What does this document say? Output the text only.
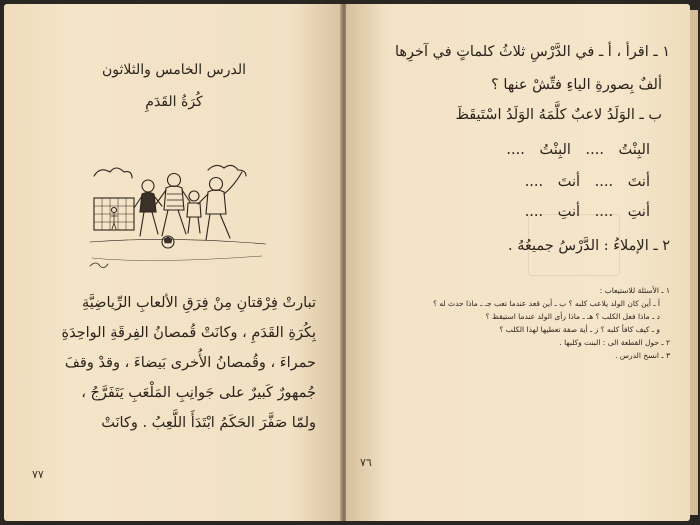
الدرس الخامس والثلاثون
كُرَةُ القَدَمِ
تبارتْ فِرْقتانِ مِنْ فِرَقِ الألعابِ الرِّياضِيَّةِ
بِكُرَةِ القَدَمِ ، وكانَتْ قُمصانُ الفِرقَةِ الواحِدَةِ
حمراءَ ، وقُمصانُ الأُخرى بَيضاءَ ، وقدْ وقفَ
جُمهورٌ كَبيرٌ على جَوانِبِ المَلْعَبِ يَتَفَرَّجُ ،
ولمّا صَفَّرَ الحَكَمُ ابْتَدَأَ اللَّعِبُ . وكانَتْ
٧٧
١ ـ اقرأ ، أ ـ في الدَّرْسِ ثلاثُ كلماتٍ في آخرِها
ألفٌ بِصورةِ الياءِ فتِّشْ عنها ؟
ب ـ الوَلَدُ لاعبٌ كلَّمَهُ الوَلَدُ اسْتَيقَظَ
البِنْتُ .... البِنْتُ ....
أنتَ .... أنتَ ....
أنتِ .... أنتِ ....
٢ ـ الإملاءُ : الدَّرْسُ جميعُهُ .
١ ـ الأسئلة للاستيعاب :
أ ـ أين كان الولد يلاعب كلبه ؟ ب ـ أين قعد عندما تعب جـ ـ ماذا حدث له ؟
د ـ ماذا فعل الكلب ؟ هـ ـ ماذا رأى الولد عندما استيقظ ؟
و ـ كيف كافأ كلبه ؟ ز ـ أية صفة تعطيها لهذا الكلب ؟
٢ ـ حول القطعة الى : البنت وكلبها .
٣ ـ انسخ الدرس .
٧٦
